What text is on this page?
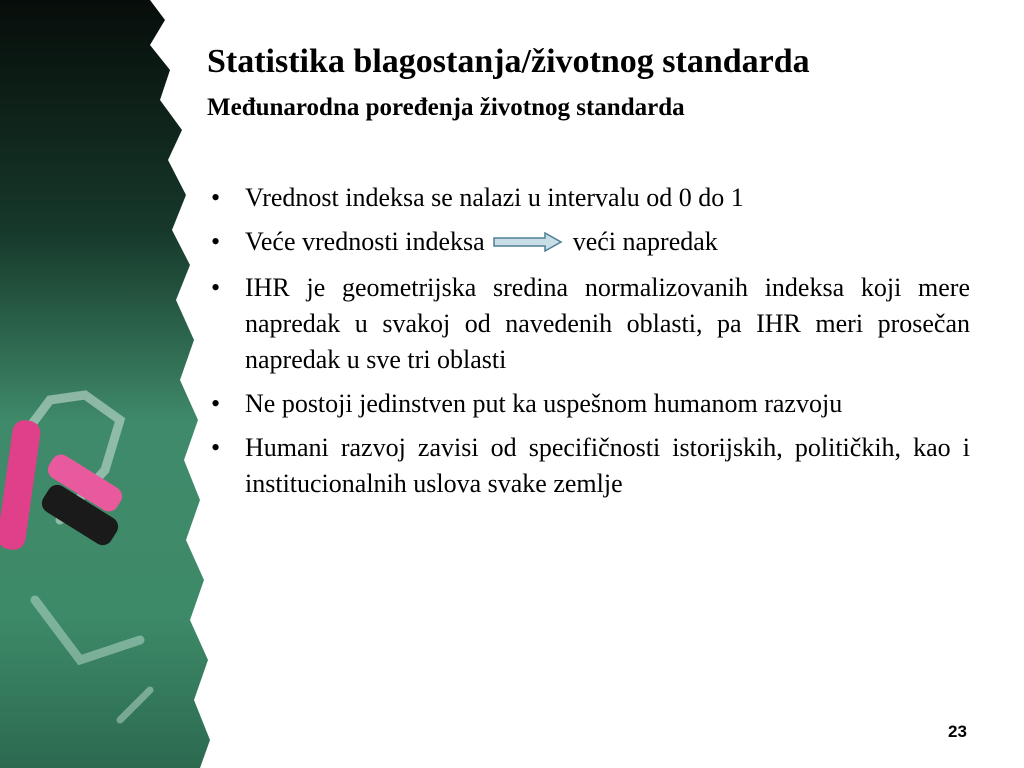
Statistika blagostanja/životnog standarda
Međunarodna poređenja životnog standarda
• Vrednost indeksa se nalazi u intervalu od 0 do 1
• Veće vrednosti indeksa	veći napredak
• IHR je geometrijska sredina normalizovanih indeksa koji mere napredak u svakoj od navedenih oblasti, pa IHR meri prosečan napredak u sve tri oblasti
• Ne postoji jedinstven put ka uspešnom humanom razvoju
• Humani razvoj zavisi od specifičnosti istorijskih, političkih, kao i institucionalnih uslova svake zemlje
23
